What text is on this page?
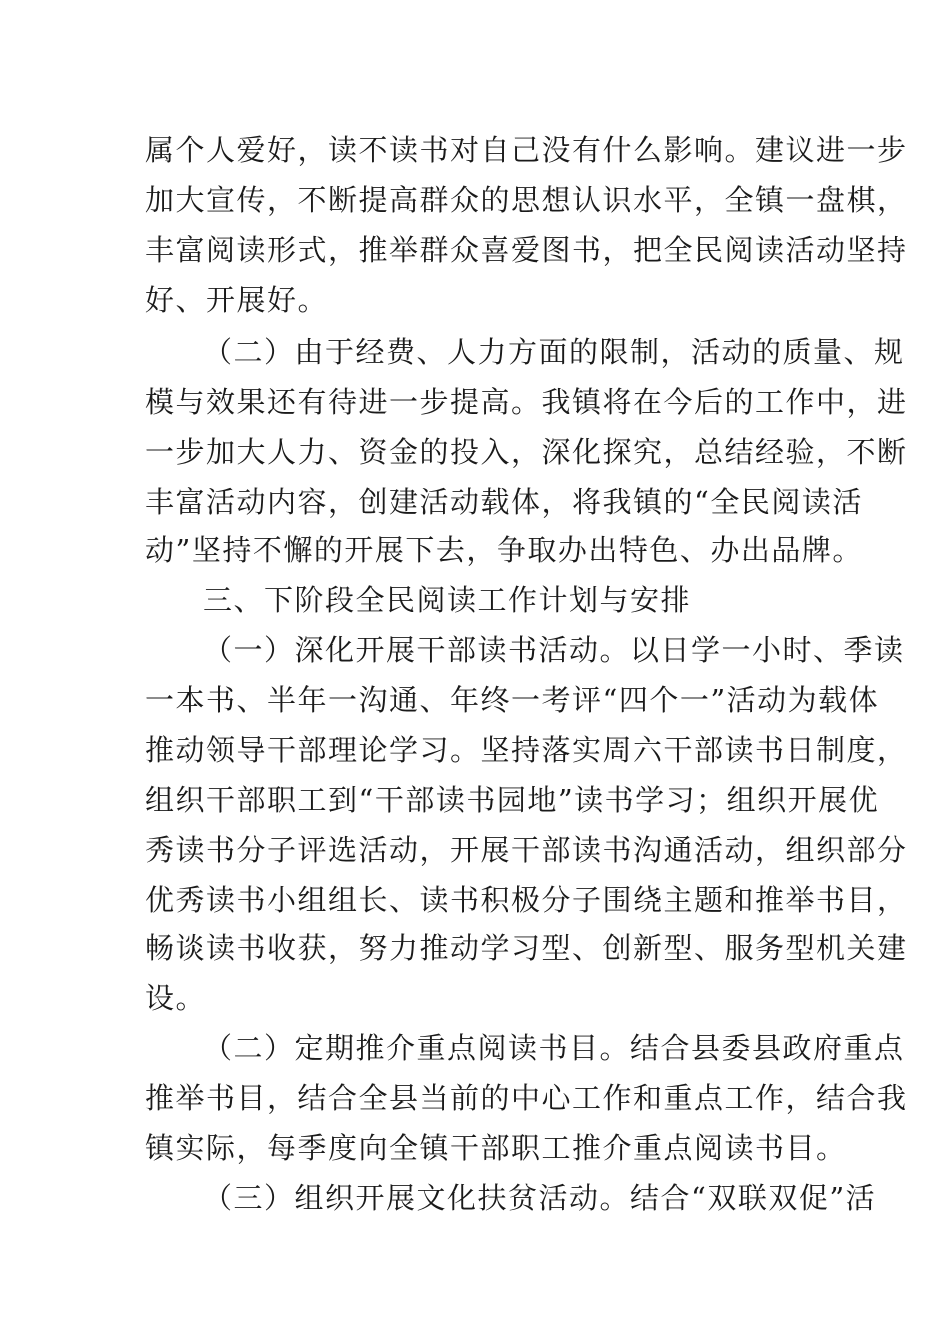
属个人爱好，读不读书对自己没有什么影响。建议进一步
加大宣传，不断提高群众的思想认识水平，全镇一盘棋，
丰富阅读形式，推举群众喜爱图书，把全民阅读活动坚持
好、开展好。
（二）由于经费、人力方面的限制，活动的质量、规
模与效果还有待进一步提高。我镇将在今后的工作中，进
一步加大人力、资金的投入，深化探究，总结经验，不断
丰富活动内容，创建活动载体，将我镇的“全民阅读活
动”坚持不懈的开展下去，争取办出特色、办出品牌。
三、下阶段全民阅读工作计划与安排
（一）深化开展干部读书活动。以日学一小时、季读
一本书、半年一沟通、年终一考评“四个一”活动为载体
推动领导干部理论学习。坚持落实周六干部读书日制度，
组织干部职工到“干部读书园地”读书学习；组织开展优
秀读书分子评选活动，开展干部读书沟通活动，组织部分
优秀读书小组组长、读书积极分子围绕主题和推举书目，
畅谈读书收获，努力推动学习型、创新型、服务型机关建
设。
（二）定期推介重点阅读书目。结合县委县政府重点
推举书目，结合全县当前的中心工作和重点工作，结合我
镇实际，每季度向全镇干部职工推介重点阅读书目。
（三）组织开展文化扶贫活动。结合“双联双促”活
